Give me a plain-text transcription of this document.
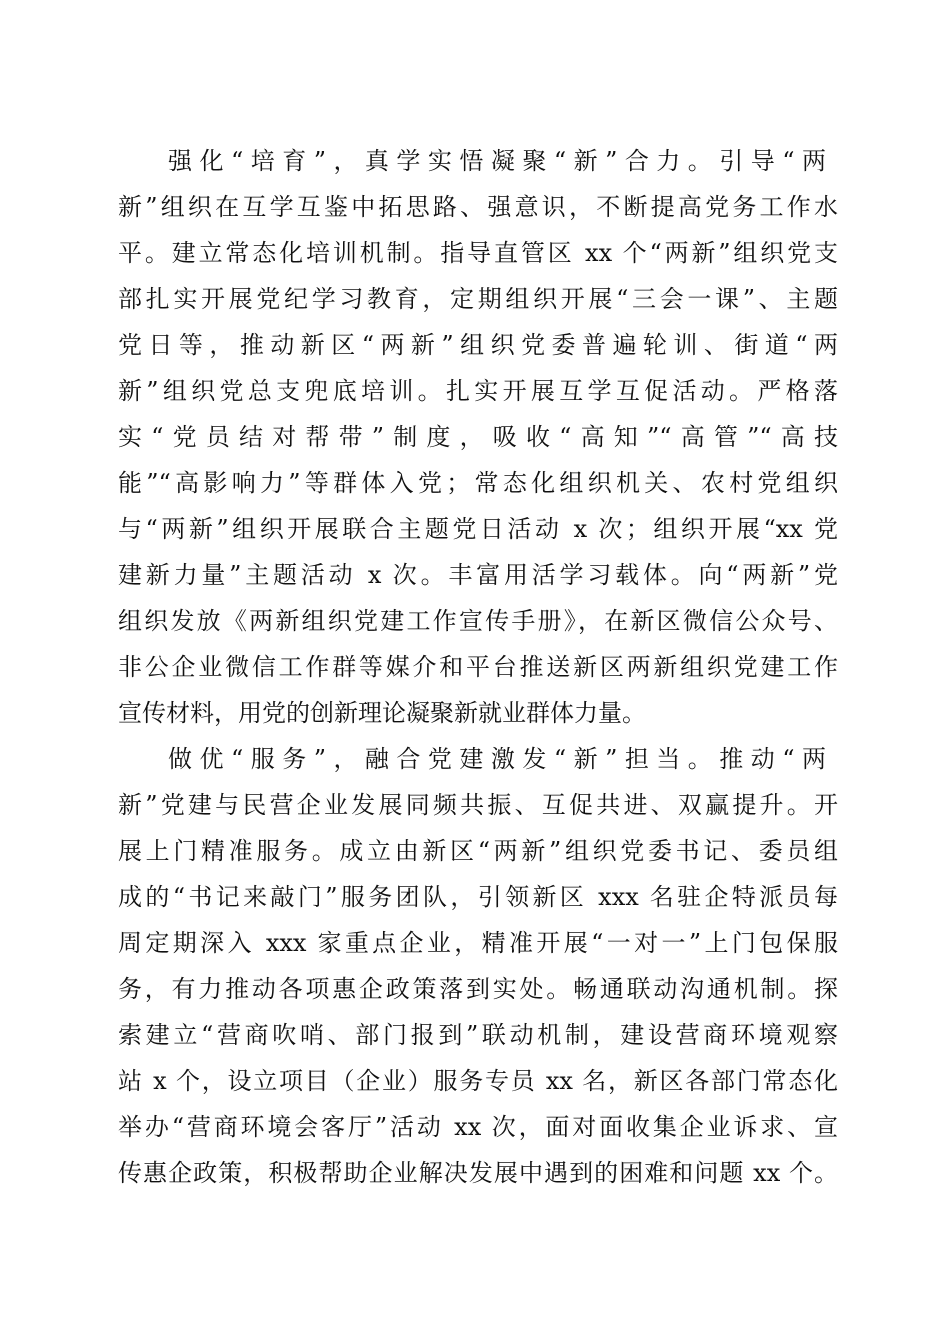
强化“培育”，真学实悟凝聚“新”合力。引导“两
新”组织在互学互鉴中拓思路、强意识，不断提高党务工作水
平。建立常态化培训机制。指导直管区 xx 个“两新”组织党支
部扎实开展党纪学习教育，定期组织开展“三会一课”、主题
党日等，推动新区“两新”组织党委普遍轮训、街道“两
新”组织党总支兜底培训。扎实开展互学互促活动。严格落
实“党员结对帮带”制度，吸收“高知”“高管”“高技
能”“高影响力”等群体入党；常态化组织机关、农村党组织
与“两新”组织开展联合主题党日活动 x 次；组织开展“xx 党
建新力量”主题活动 x 次。丰富用活学习载体。向“两新”党
组织发放《两新组织党建工作宣传手册》，在新区微信公众号、
非公企业微信工作群等媒介和平台推送新区两新组织党建工作
宣传材料，用党的创新理论凝聚新就业群体力量。
做优“服务”，融合党建激发“新”担当。推动“两
新”党建与民营企业发展同频共振、互促共进、双赢提升。开
展上门精准服务。成立由新区“两新”组织党委书记、委员组
成的“书记来敲门”服务团队，引领新区 xxx 名驻企特派员每
周定期深入 xxx 家重点企业，精准开展“一对一”上门包保服
务，有力推动各项惠企政策落到实处。畅通联动沟通机制。探
索建立“营商吹哨、部门报到”联动机制，建设营商环境观察
站 x 个，设立项目（企业）服务专员 xx 名，新区各部门常态化
举办“营商环境会客厅”活动 xx 次，面对面收集企业诉求、宣
传惠企政策，积极帮助企业解决发展中遇到的困难和问题 xx 个。
